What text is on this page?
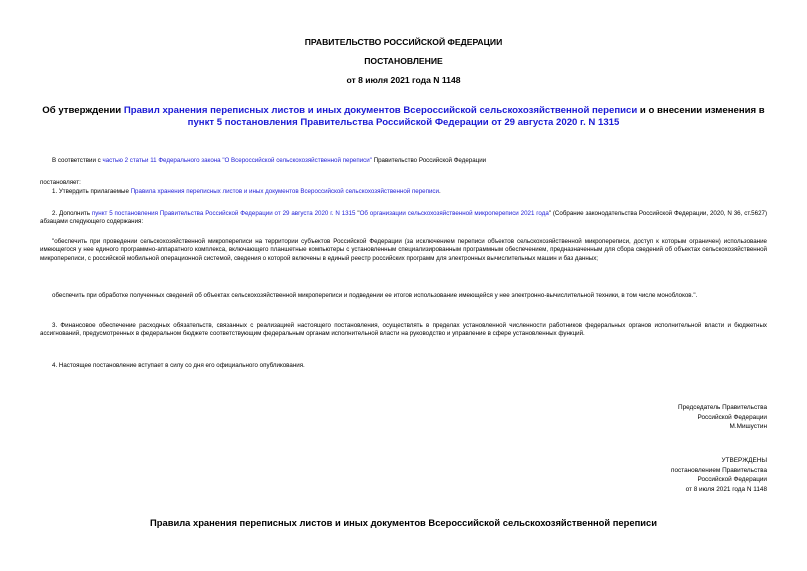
ПРАВИТЕЛЬСТВО РОССИЙСКОЙ ФЕДЕРАЦИИ
ПОСТАНОВЛЕНИЕ
от 8 июля 2021 года N 1148
Об утверждении Правил хранения переписных листов и иных документов Всероссийской сельскохозяйственной переписи и о внесении изменения в пункт 5 постановления Правительства Российской Федерации от 29 августа 2020 г. N 1315
В соответствии с частью 2 статьи 11 Федерального закона "О Всероссийской сельскохозяйственной переписи" Правительство Российской Федерации
постановляет:
1. Утвердить прилагаемые Правила хранения переписных листов и иных документов Всероссийской сельскохозяйственной переписи.
2. Дополнить пункт 5 постановления Правительства Российской Федерации от 29 августа 2020 г. N 1315 "Об организации сельскохозяйственной микропереписи 2021 года" (Собрание законодательства Российской Федерации, 2020, N 36, ст.5627) абзацами следующего содержания:
"обеспечить при проведении сельскохозяйственной микропереписи на территории субъектов Российской Федерации (за исключением переписи объектов сельскохозяйственной микропереписи, доступ к которым ограничен) использование имеющегося у нее единого программно-аппаратного комплекса, включающего планшетные компьютеры с установленным специализированным программным обеспечением, предназначенным для сбора сведений об объектах сельскохозяйственной микропереписи, с российской мобильной операционной системой, сведения о которой включены в единый реестр российских программ для электронных вычислительных машин и баз данных;
обеспечить при обработке полученных сведений об объектах сельскохозяйственной микропереписи и подведении ее итогов использование имеющейся у нее электронно-вычислительной техники, в том числе моноблоков.".
3. Финансовое обеспечение расходных обязательств, связанных с реализацией настоящего постановления, осуществлять в пределах установленной численности работников федеральных органов исполнительной власти и бюджетных ассигнований, предусмотренных в федеральном бюджете соответствующим федеральным органам исполнительной власти на руководство и управление в сфере установленных функций.
4. Настоящее постановление вступает в силу со дня его официального опубликования.
Председатель Правительства
Российской Федерации
М.Мишустин
УТВЕРЖДЕНЫ
постановлением Правительства
Российской Федерации
от 8 июля 2021 года N 1148
Правила хранения переписных листов и иных документов Всероссийской сельскохозяйственной переписи
